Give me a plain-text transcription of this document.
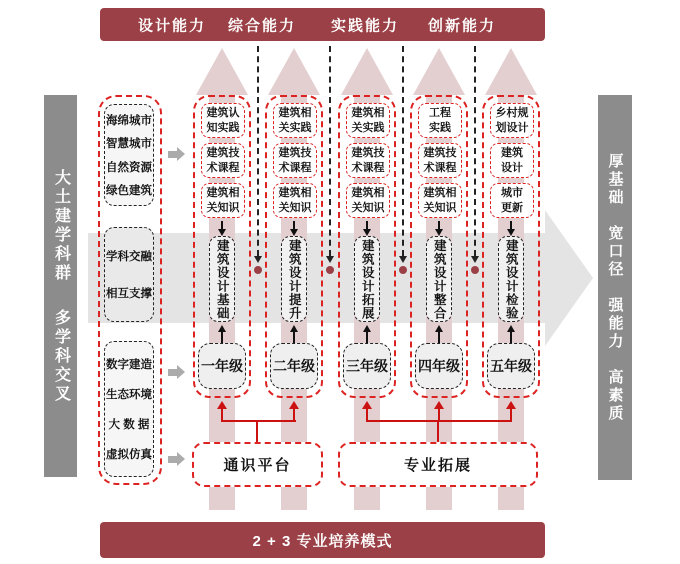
设计能力 综合能力 实践能力 创新能力
大土建学科群
多学科交叉
厚基础
宽口径
强能力
高素质
海绵城市
智慧城市
自然资源
绿色建筑
学科交融
相互支撑
数字建造
生态环境
大 数 据
虚拟仿真
建筑认
知实践
建筑技
术课程
建筑相
关知识
建筑设计基础
一年级
建筑相
关实践
建筑技
术课程
建筑相
关知识
建筑设计提升
二年级
建筑相
关实践
建筑技
术课程
建筑相
关知识
建筑设计拓展
三年级
工程
实践
建筑技
术课程
建筑相
关知识
建筑设计整合
四年级
乡村规
划设计
建筑
设计
城市
更新
建筑设计检验
五年级
通识平台	专业拓展
2 + 3 专业培养模式
